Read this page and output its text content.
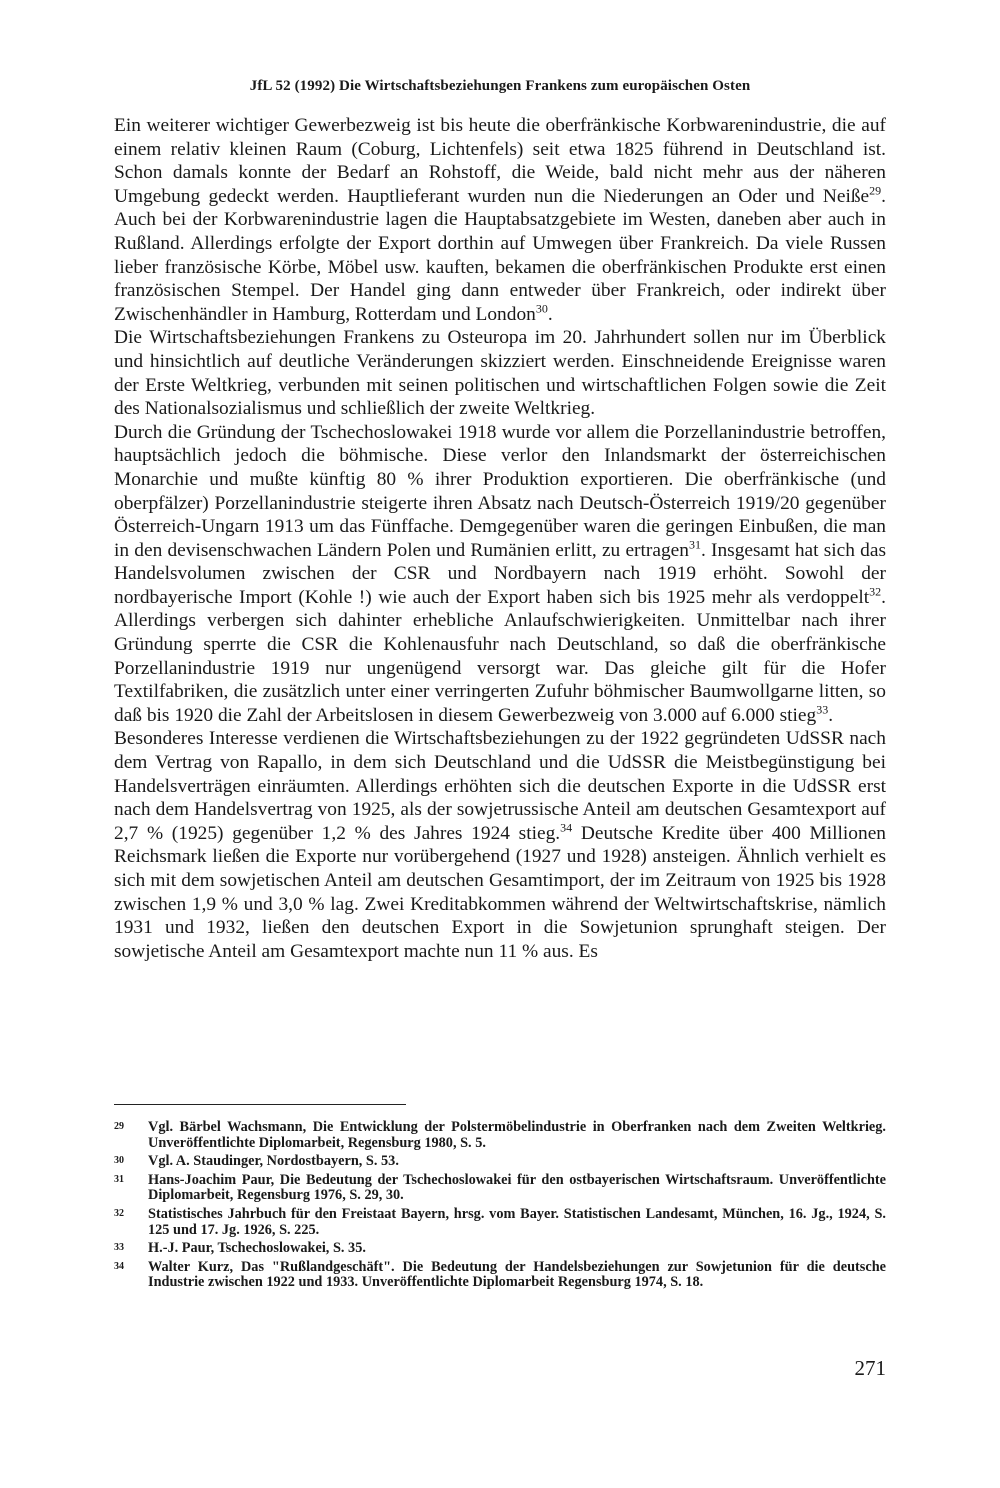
JfL 52 (1992) Die Wirtschaftsbeziehungen Frankens zum europäischen Osten

Ein weiterer wichtiger Gewerbezweig ist bis heute die oberfränkische Korbwarenindustrie, die auf einem relativ kleinen Raum (Coburg, Lichtenfels) seit etwa 1825 führend in Deutschland ist. Schon damals konnte der Bedarf an Rohstoff, die Weide, bald nicht mehr aus der näheren Umgebung gedeckt werden. Hauptlieferant wurden nun die Niederungen an Oder und Neiße$^{29}$. Auch bei der Korbwarenindustrie lagen die Hauptabsatzgebiete im Westen, daneben aber auch in Rußland. Allerdings erfolgte der Export dorthin auf Umwegen über Frankreich. Da viele Russen lieber französische Körbe, Möbel usw. kauften, bekamen die oberfränkischen Produkte erst einen französischen Stempel. Der Handel ging dann entweder über Frankreich, oder indirekt über Zwischenhändler in Hamburg, Rotterdam und London$^{30}$.

Die Wirtschaftsbeziehungen Frankens zu Osteuropa im 20. Jahrhundert sollen nur im Überblick und hinsichtlich auf deutliche Veränderungen skizziert werden. Einschneidende Ereignisse waren der Erste Weltkrieg, verbunden mit seinen politischen und wirtschaftlichen Folgen sowie die Zeit des Nationalsozialismus und schließlich der zweite Weltkrieg.

Durch die Gründung der Tschechoslowakei 1918 wurde vor allem die Porzellanindustrie betroffen, hauptsächlich jedoch die böhmische. Diese verlor den Inlandsmarkt der österreichischen Monarchie und mußte künftig 80 % ihrer Produktion exportieren. Die oberfränkische (und oberpfälzer) Porzellanindustrie steigerte ihren Absatz nach Deutsch-Österreich 1919/20 gegenüber Österreich-Ungarn 1913 um das Fünffache. Demgegenüber waren die geringen Einbußen, die man in den devisenschwachen Ländern Polen und Rumänien erlitt, zu ertragen$^{31}$. Insgesamt hat sich das Handelsvolumen zwischen der CSR und Nordbayern nach 1919 erhöht. Sowohl der nordbayerische Import (Kohle !) wie auch der Export haben sich bis 1925 mehr als verdoppelt$^{32}$. Allerdings verbergen sich dahinter erhebliche Anlaufschwierigkeiten. Unmittelbar nach ihrer Gründung sperrte die CSR die Kohlenausfuhr nach Deutschland, so daß die oberfränkische Porzellanindustrie 1919 nur ungenügend versorgt war. Das gleiche gilt für die Hofer Textilfabriken, die zusätzlich unter einer verringerten Zufuhr böhmischer Baumwollgarne litten, so daß bis 1920 die Zahl der Arbeitslosen in diesem Gewerbezweig von 3.000 auf 6.000 stieg$^{33}$.

Besonderes Interesse verdienen die Wirtschaftsbeziehungen zu der 1922 gegründeten UdSSR nach dem Vertrag von Rapallo, in dem sich Deutschland und die UdSSR die Meistbegünstigung bei Handelsverträgen einräumten. Allerdings erhöhten sich die deutschen Exporte in die UdSSR erst nach dem Handelsvertrag von 1925, als der sowjetrussische Anteil am deutschen Gesamtexport auf 2,7 % (1925) gegenüber 1,2 % des Jahres 1924 stieg.$^{34}$ Deutsche Kredite über 400 Millionen Reichsmark ließen die Exporte nur vorübergehend (1927 und 1928) ansteigen. Ähnlich verhielt es sich mit dem sowjetischen Anteil am deutschen Gesamtimport, der im Zeitraum von 1925 bis 1928 zwischen 1,9 % und 3,0 % lag. Zwei Kreditabkommen während der Weltwirtschaftskrise, nämlich 1931 und 1932, ließen den deutschen Export in die Sowjetunion sprunghaft steigen. Der sowjetische Anteil am Gesamtexport machte nun 11 % aus. Es

29	Vgl. Bärbel Wachsmann, Die Entwicklung der Polstermöbelindustrie in Oberfranken nach dem Zweiten Weltkrieg. Unveröffentlichte Diplomarbeit, Regensburg 1980, S. 5.
30	Vgl. A. Staudinger, Nordostbayern, S. 53.
31	Hans-Joachim Paur, Die Bedeutung der Tschechoslowakei für den ostbayerischen Wirtschaftsraum. Unveröffentlichte Diplomarbeit, Regensburg 1976, S. 29, 30.
32	Statistisches Jahrbuch für den Freistaat Bayern, hrsg. vom Bayer. Statistischen Landesamt, München, 16. Jg., 1924, S. 125 und 17. Jg. 1926, S. 225.
33	H.-J. Paur, Tschechoslowakei, S. 35.
34	Walter Kurz, Das "Rußlandgeschäft". Die Bedeutung der Handelsbeziehungen zur Sowjetunion für die deutsche Industrie zwischen 1922 und 1933. Unveröffentlichte Diplomarbeit Regensburg 1974, S. 18.
271
